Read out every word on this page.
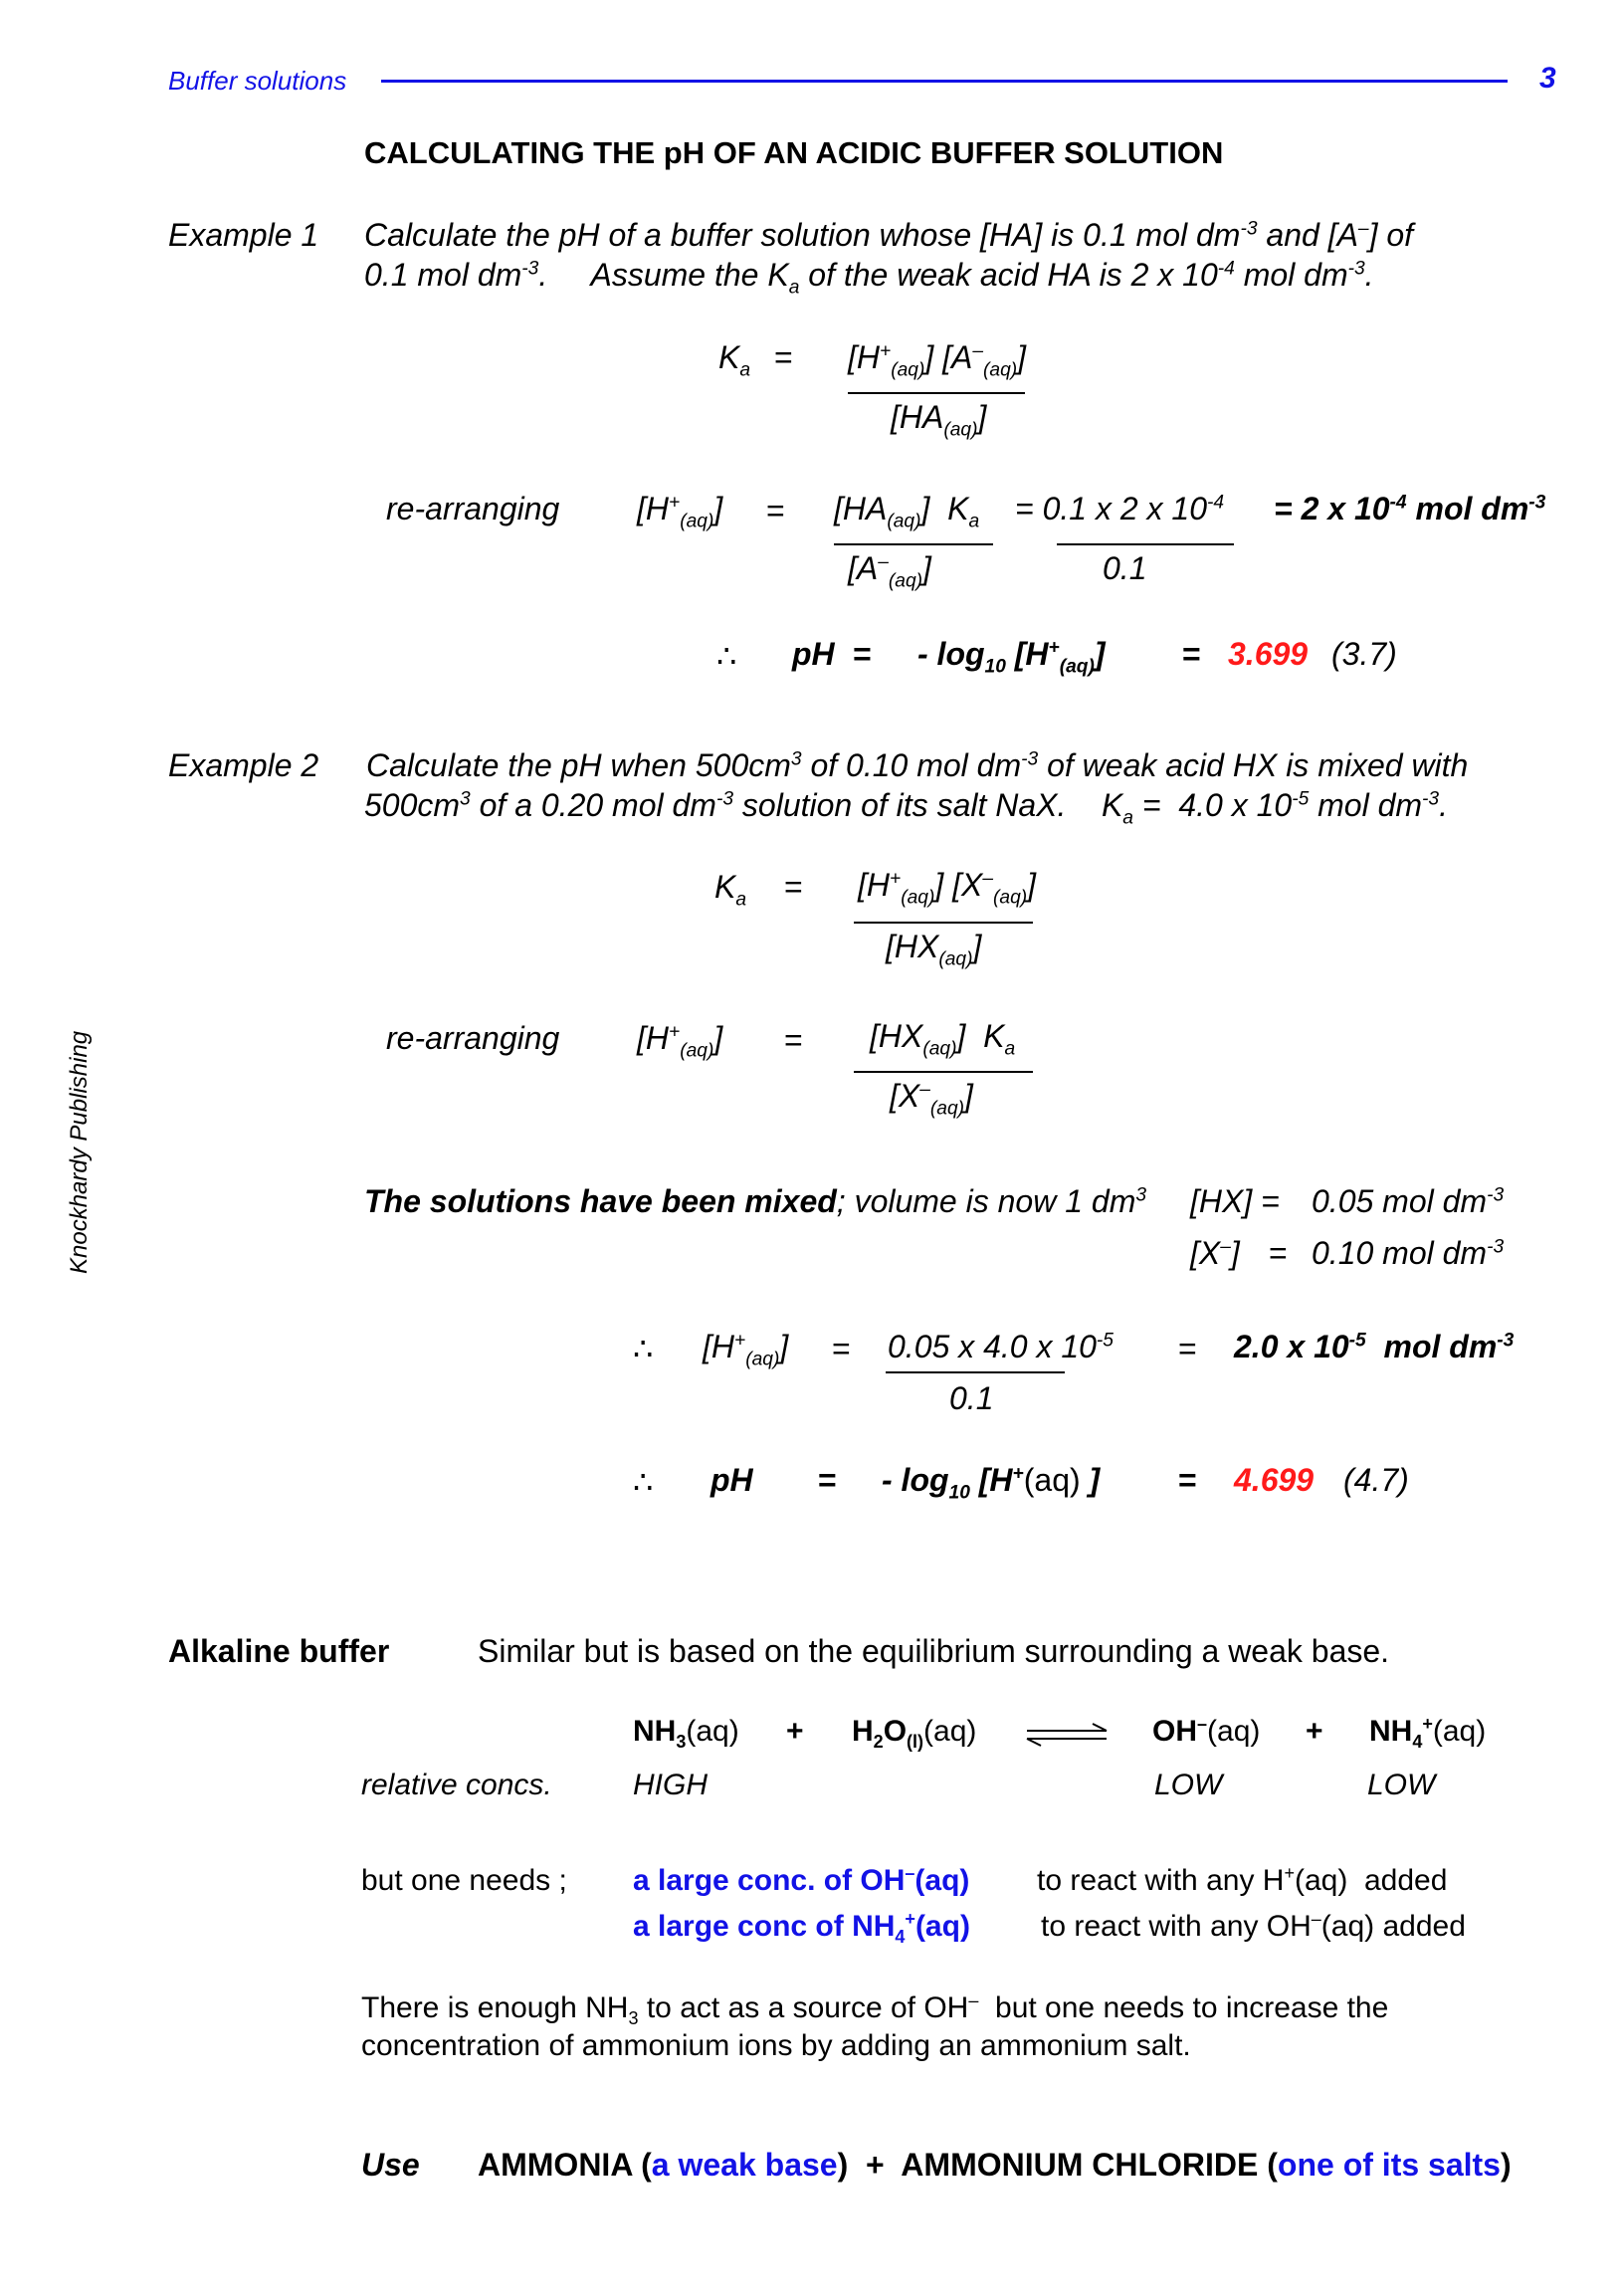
Buffer solutions	3
Knockhardy Publishing
CALCULATING THE pH OF AN ACIDIC BUFFER SOLUTION
Example 1 Calculate the pH of a buffer solution whose [HA] is 0.1 mol $dm^{-3}$ and [A–] of
0.1 mol $dm^{-3}$.     Assume the $K_a$ of the weak acid HA is 2 x $10^{-4}$ mol $dm^{-3}$.
$K_a = [H^+_{(aq)}]$ $[A^-_{(aq)}]$
$[HA_{(aq)}]$
re-arranging $[H^+_{(aq)}] = [HA_{(aq)}]$  $K_a$
$[A^-_{(aq)}]$
= 0.1 x 2 x $10^{-4}$
0.1
= 2 x $10^{-4}$ mol $dm^{-3}$
∴ pH  = - $\log_{10} [H^+_{(aq)}] = 3.699$ (3.7)
Example 2 Calculate the pH when $500cm^3$ of 0.10 mol $dm^{-3}$ of weak acid HX is mixed with
$500cm^3$ of a 0.20 mol $dm^{-3}$ solution of its salt NaX.    $K_a = 4.0$ x $10^{-5}$ mol $dm^{-3}$.
$K_a = [H^+_{(aq)}]$ $[X^-_{(aq)}]$
$[HX_{(aq)}]$
re-arranging $[H^+_{(aq)}] = [HX_{(aq)}]$  $K_a$
$[X^-_{(aq)}]$
The solutions have been mixed; volume is now 1 $dm^3$ [HX] = 0.05 mol $dm^{-3}$
[X–] = 0.10 mol $dm^{-3}$
∴ $[H^+_{(aq)}] = 0.05$ x 4.0 x $10^{-5}$
0.1
= 2.0 x $10^{-5}$  mol $dm^{-3}$
∴ pH = - $\log_{10} [H^+(aq)$ ] = 4.699 (4.7)
Alkaline buffer	Similar but is based on the equilibrium surrounding a weak base.
$NH_3(aq) + H_2O_{(l)}(aq)$	$OH^-(aq) + NH_4^+(aq)$
relative concs.	HIGH	LOW	LOW
but one needs ; a large conc. of OH–(aq) to react with any H+(aq)  added
a large conc of $NH_4^+(aq)$ to react with any OH–(aq) added
There is enough $NH_3$ to act as a source of OH–  but one needs to increase the
concentration of ammonium ions by adding an ammonium salt.
Use AMMONIA (a weak base)  +  AMMONIUM CHLORIDE (one of its salts)
